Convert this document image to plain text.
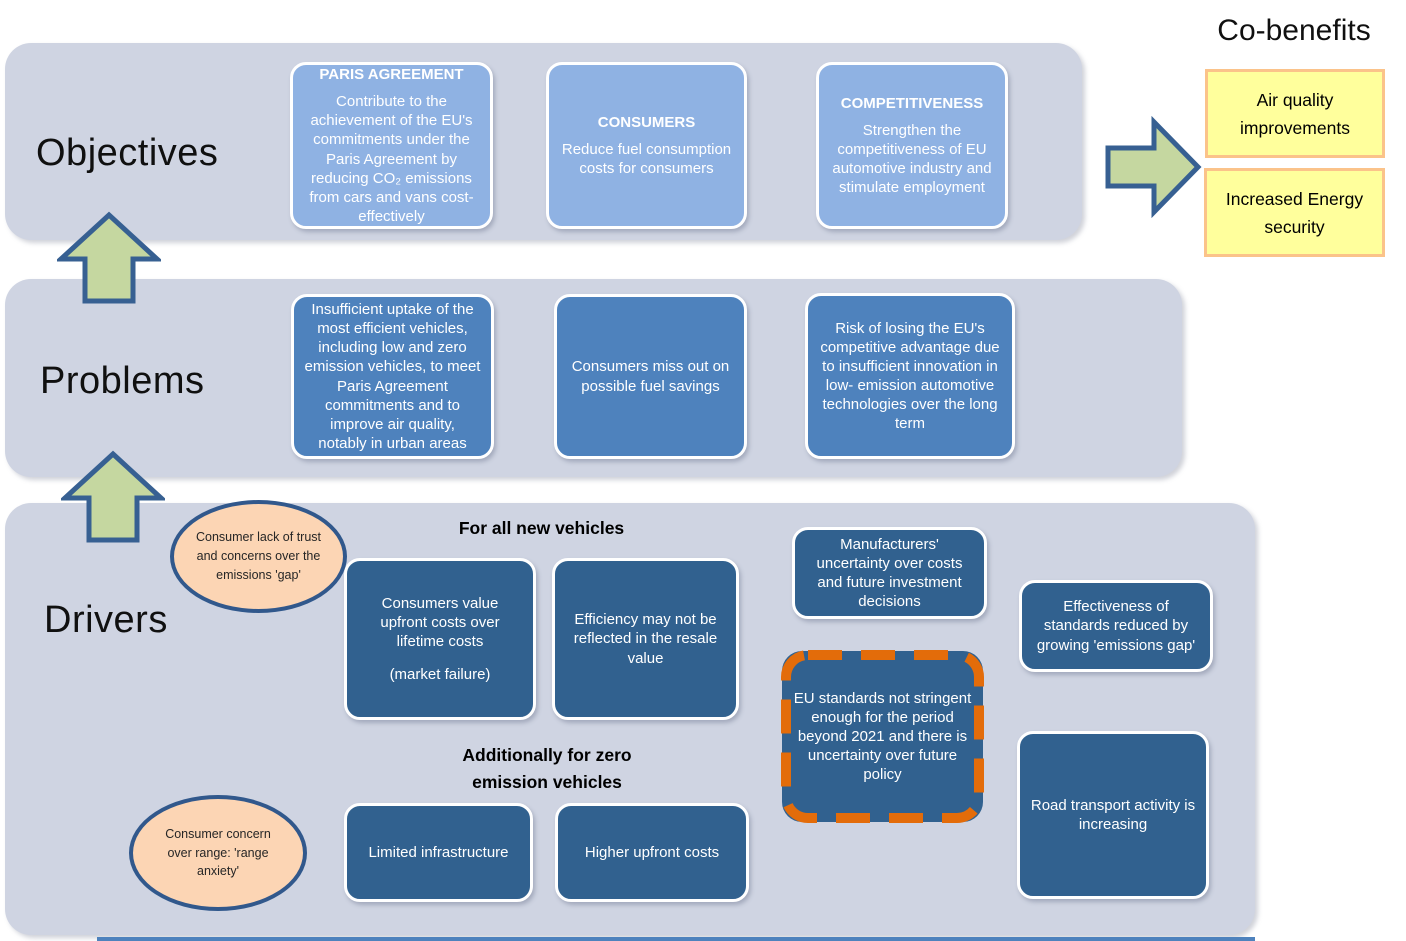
Objectives
Problems
Drivers
PARIS AGREEMENT
Contribute to the achievement of the EU's commitments under the Paris Agreement by reducing CO₂ emissions from cars and vans cost-effectively
CONSUMERS
Reduce fuel consumption costs for consumers
COMPETITIVENESS
Strengthen the competitiveness of EU automotive industry and stimulate employment
Insufficient uptake of the most efficient vehicles, including low and zero emission vehicles, to meet Paris Agreement commitments and to improve air quality, notably in urban areas
Consumers miss out on possible fuel savings
Risk of losing the EU's competitive advantage due to insufficient innovation in low- emission automotive technologies over the long term
For all new vehicles
Additionally for zero emission vehicles
Consumer lack of trust and concerns over the emissions 'gap'
Consumer concern over range: 'range anxiety'
Consumers value upfront costs over lifetime costs
(market failure)
Efficiency may not be reflected in the resale value
Manufacturers' uncertainty over costs and future investment decisions
EU standards not stringent enough for the period beyond 2021 and there is uncertainty over future policy
Effectiveness of standards reduced by growing 'emissions gap'
Road transport activity is increasing
Limited infrastructure	Higher upfront costs
Co-benefits
Air quality improvements
Increased Energy security
